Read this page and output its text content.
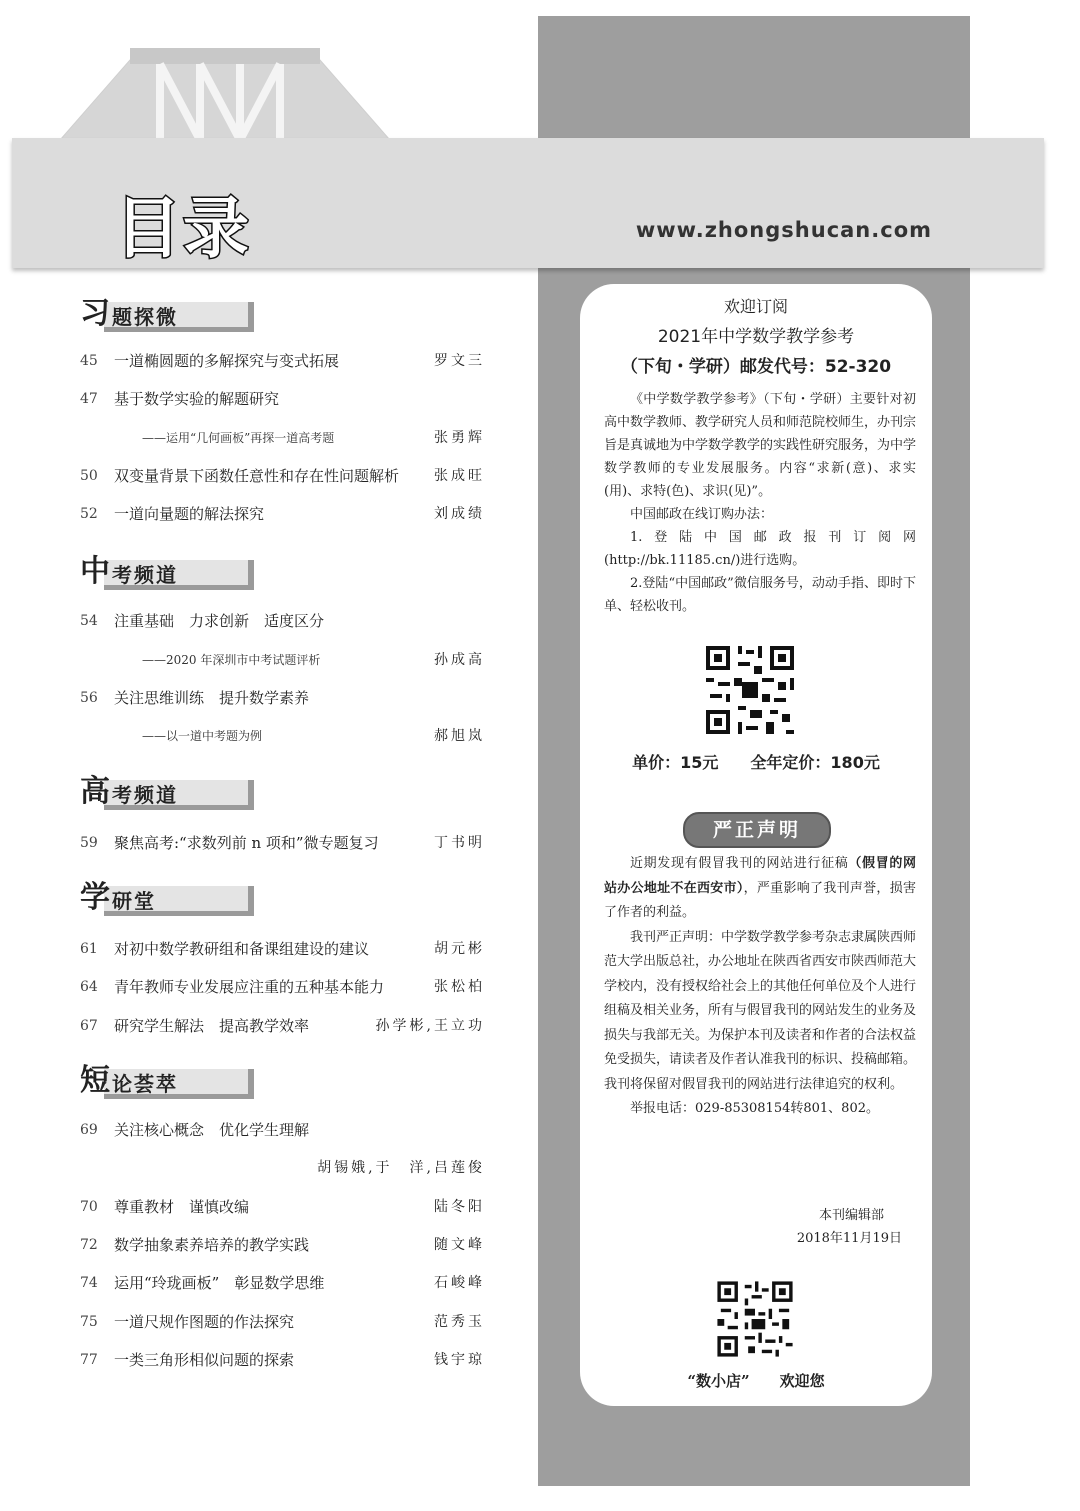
目录	www.zhongshucan.com
题探微
习
45 一道椭圆题的多解探究与变式拓展	罗文三
47 基于数学实验的解题研究
——运用“几何画板”再探一道高考题	张勇辉
50 双变量背景下函数任意性和存在性问题解析 张成旺
52 一道向量题的解法探究	刘成绩
考频道
中
54 注重基础　力求创新　适度区分
——2020 年深圳市中考试题评析	孙成高
56 关注思维训练　提升数学素养
——以一道中考题为例	郝旭岚
考频道
高
59 聚焦高考:“求数列前 n 项和”微专题复习	丁书明
研堂
学
61 对初中数学教研组和备课组建设的建议	胡元彬
64 青年教师专业发展应注重的五种基本能力	张松柏
67 研究学生解法　提高教学效率	孙学彬,王立功
论荟萃
短
69 关注核心概念　优化学生理解
胡锡娥,于　洋,吕莲俊
70 尊重教材　谨慎改编	陆冬阳
72 数学抽象素养培养的教学实践	随文峰
74 运用“玲珑画板”　彰显数学思维	石峻峰
75 一道尺规作图题的作法探究	范秀玉
77 一类三角形相似问题的探索	钱宇琼
欢迎订阅
2021年中学数学教学参考
（下旬・学研）邮发代号：52-320

《中学数学教学参考》（下旬・学研）主要针对初高中数学教师、教学研究人员和师范院校师生，办刊宗旨是真诚地为中学数学教学的实践性研究服务，为中学数学教师的专业发展服务。内容“求新(意)、求实(用)、求特(色)、求识(见)”。

中国邮政在线订购办法：

1.登陆中国邮政报刊订阅网(http://bk.11185.cn/)进行选购。

2.登陆“中国邮政”微信服务号，动动手指、即时下单、轻松收刊。

单价：15元　　全年定价：180元
严正声明

近期发现有假冒我刊的网站进行征稿（假冒的网站办公地址不在西安市），严重影响了我刊声誉，损害了作者的利益。

我刊严正声明：中学数学教学参考杂志隶属陕西师范大学出版总社，办公地址在陕西省西安市陕西师范大学校内，没有授权给社会上的其他任何单位及个人进行组稿及相关业务，所有与假冒我刊的网站发生的业务及损失与我部无关。为保护本刊及读者和作者的合法权益免受损失，请读者及作者认准我刊的标识、投稿邮箱。我刊将保留对假冒我刊的网站进行法律追究的权利。

举报电话：029-85308154转801、802。

本刊编辑部
2018年11月19日
“数小店”　　欢迎您
